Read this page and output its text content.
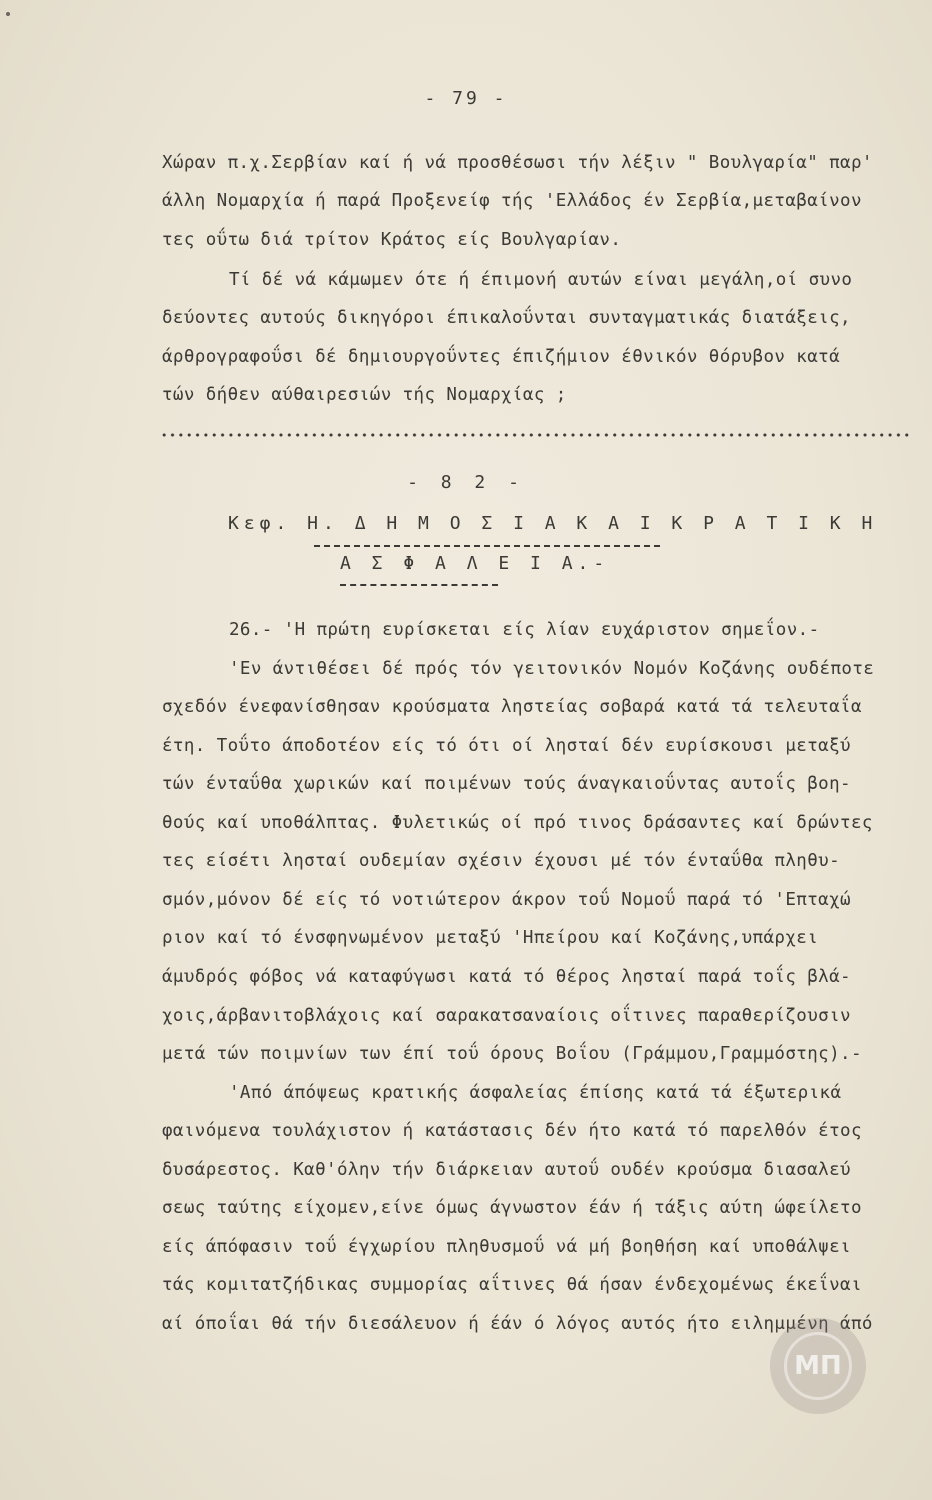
- 79 -
Χώραν π.χ.Σερβίαν καί ή νά προσθέσωσι τήν λέξιν " Βουλγαρία" παρ'
άλλη Νομαρχία ή παρά Προξενείφ τής 'Ελλάδος έν Σερβία,μεταβαίνον
τες οΰτω διά τρίτον Κράτος είς Βουλγαρίαν.
Τί δέ νά κάμωμεν ότε ή έπιμονή αυτών είναι μεγάλη,οί συνο
δεύοντες αυτούς δικηγόροι έπικαλοΰνται συνταγματικάς διατάξεις,
άρθρογραφοΰσι δέ δημιουργοΰντες έπιζήμιον έθνικόν θόρυβον κατά
τών δήθεν αύθαιρεσιών τής Νομαρχίας ;
- 8 2 -
Κεφ. Η. Δ Η Μ Ο Σ Ι Α Κ Α Ι Κ Ρ Α Τ Ι Κ Η
Α Σ Φ Α Λ Ε Ι Α.-
26.- 'Η πρώτη ευρίσκεται είς λίαν ευχάριστον σημεΐον.-
'Εν άντιθέσει δέ πρός τόν γειτονικόν Νομόν Κοζάνης ουδέποτε
σχεδόν ένεφανίσθησαν κρούσματα ληστείας σοβαρά κατά τά τελευταΐα
έτη. Τοΰτο άποδοτέον είς τό ότι οί λησταί δέν ευρίσκουσι μεταξύ
τών ένταΰθα χωρικών καί ποιμένων τούς άναγκαιοΰντας αυτοΐς βοη-
θούς καί υποθάλπτας. Φυλετικώς οί πρό τινος δράσαντες καί δρώντες
τες είσέτι λησταί ουδεμίαν σχέσιν έχουσι μέ τόν ένταΰθα πληθυ-
σμόν,μόνον δέ είς τό νοτιώτερον άκρον τοΰ Νομοΰ παρά τό 'Επταχώ
ριον καί τό ένσφηνωμένον μεταξύ 'Ηπείρου καί Κοζάνης,υπάρχει
άμυδρός φόβος νά καταφύγωσι κατά τό θέρος λησταί παρά τοΐς βλά-
χοις,άρβανιτοβλάχοις καί σαρακατσαναίοις οΐτινες παραθερίζουσιν
μετά τών ποιμνίων των έπί τοΰ όρους Βοΐου (Γράμμου,Γραμμόστης).-
'Από άπόψεως κρατικής άσφαλείας έπίσης κατά τά έξωτερικά
φαινόμενα τουλάχιστον ή κατάστασις δέν ήτο κατά τό παρελθόν έτος
δυσάρεστος. Καθ'όλην τήν διάρκειαν αυτοΰ ουδέν κρούσμα διασαλεύ
σεως ταύτης είχομεν,είνε όμως άγνωστον έάν ή τάξις αύτη ώφείλετο
είς άπόφασιν τοΰ έγχωρίου πληθυσμοΰ νά μή βοηθήση καί υποθάλψει
τάς κομιτατζήδικας συμμορίας αΐτινες θά ήσαν ένδεχομένως έκεΐναι
αί όποΐαι θά τήν διεσάλευον ή έάν ό λόγος αυτός ήτο ειλημμένη άπό
ΜΠ
